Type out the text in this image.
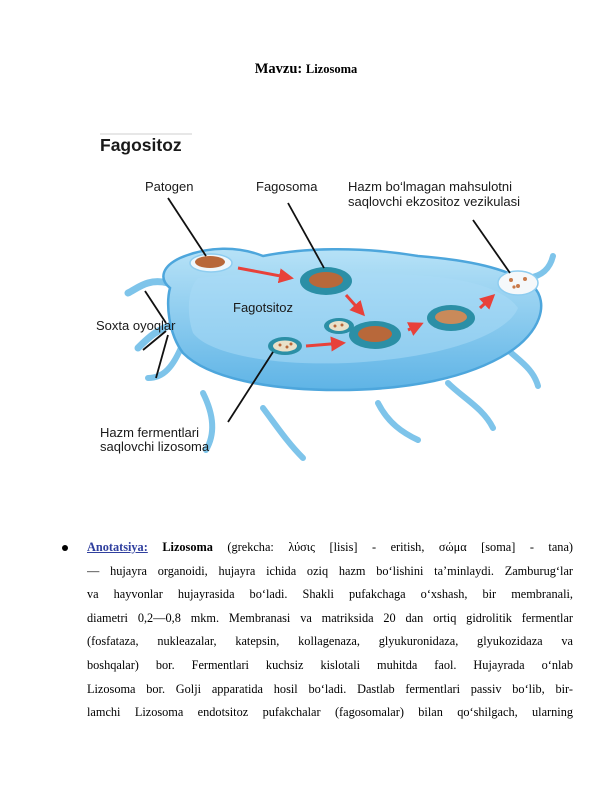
Mavzu: Lizosoma
Fagositoz
Patogen	Fagosoma Hazm bo‘lmagan mahsulotni
saqlovchi ekzositoz vezikulasi
Fagotsitoz
Soxta oyoqlar
Hazm fermentlari
saqlovchi lizosoma
Anotatsiya: Lizosoma (grekcha: λύσις [lisis] - eritish, σώμα [soma] - tana)
— hujayra organoidi, hujayra ichida oziq hazm bo‘lishini ta’minlaydi. Zamburug‘lar
va hayvonlar hujayrasida bo‘ladi. Shakli pufakchaga o‘xshash, bir membranali,
diametri 0,2—0,8 mkm. Membranasi va matriksida 20 dan ortiq gidrolitik fermentlar
(fosfataza, nukleazalar, katepsin, kollagenaza, glyukuronidaza, glyukozidaza va
boshqalar) bor. Fermentlari kuchsiz kislotali muhitda faol. Hujayrada o‘nlab
Lizosoma bor. Golji apparatida hosil bo‘ladi. Dastlab fermentlari passiv bo‘lib, bir-
lamchi Lizosoma endotsitoz pufakchalar (fagosomalar) bilan qo‘shilgach, ularning
